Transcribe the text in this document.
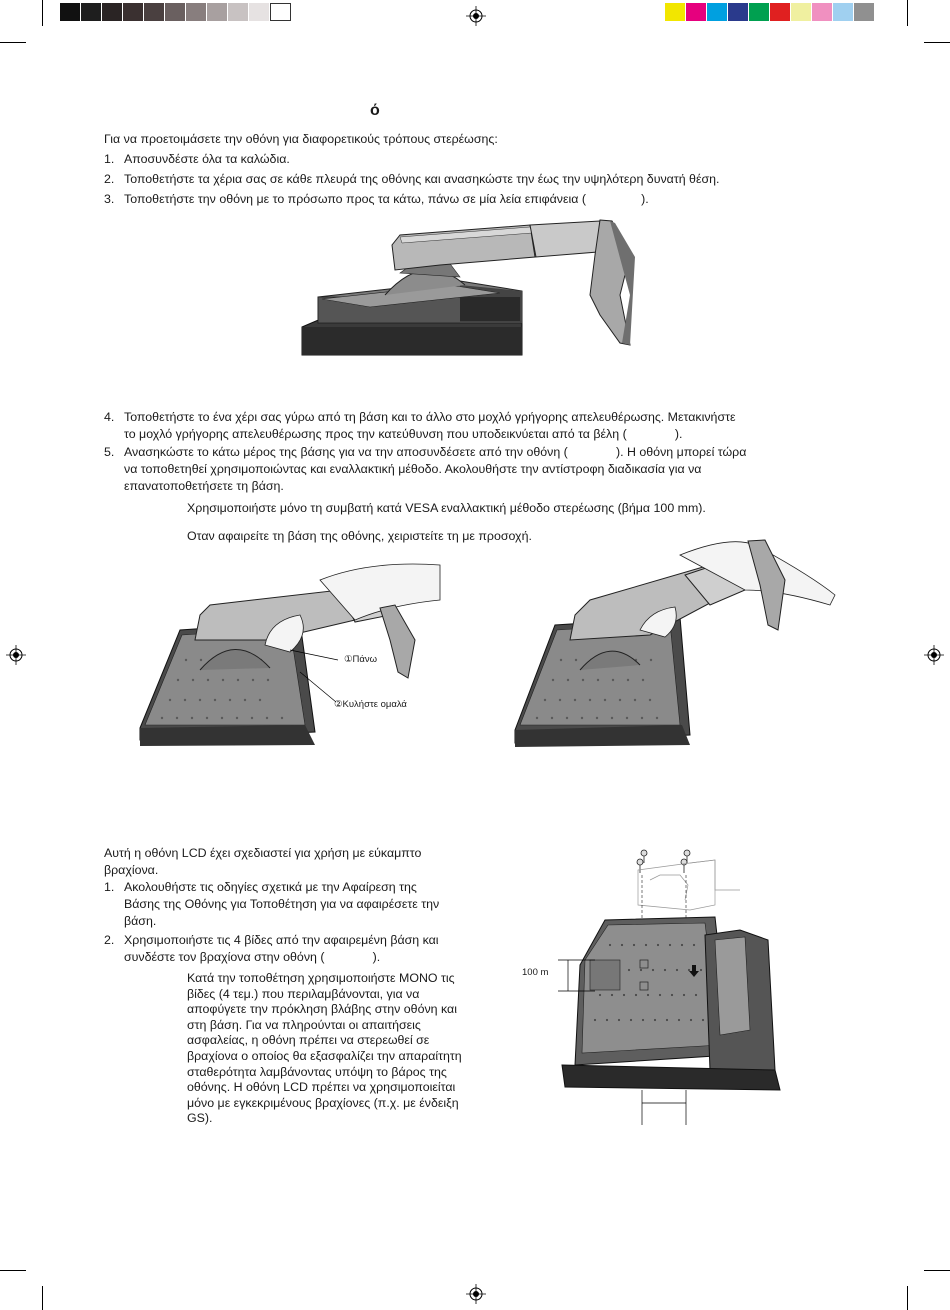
ό
Για να προετοιμάσετε την οθόνη για διαφορετικούς τρόπους στερέωσης:
1. Αποσυνδέστε όλα τα καλώδια.
2. Τοποθετήστε τα χέρια σας σε κάθε πλευρά της οθόνης και ανασηκώστε την έως την υψηλότερη δυνατή θέση.
3. Τοποθετήστε την οθόνη με το πρόσωπο προς τα κάτω, πάνω σε μία λεία επιφάνεια (                ).
4. Τοποθετήστε το ένα χέρι σας γύρω από τη βάση και το άλλο στο μοχλό γρήγορης απελευθέρωσης. Μετακινήστε
το μοχλό γρήγορης απελευθέρωσης προς την κατεύθυνση που υποδεικνύεται από τα βέλη (              ).
5. Ανασηκώστε το κάτω μέρος της βάσης για να την αποσυνδέσετε από την οθόνη (              ). Η οθόνη μπορεί τώρα
να τοποθετηθεί χρησιμοποιώντας και εναλλακτική μέθοδο. Ακολουθήστε την αντίστροφη διαδικασία για να
επανατοποθετήσετε τη βάση.
Χρησιμοποιήστε μόνο τη συμβατή κατά VESA εναλλακτική μέθοδο στερέωσης (βήμα 100 mm).
Οταν αφαιρείτε τη βάση της οθόνης, χειριστείτε τη με προσοχή.
①Πάνω
②Κυλήστε ομαλά
Αυτή η οθόνη LCD έχει σχεδιαστεί για χρήση με εύκαμπτο
βραχίονα.
1. Ακολουθήστε τις οδηγίες σχετικά με την Αφαίρεση της
Βάσης της Οθόνης για Τοποθέτηση για να αφαιρέσετε την
βάση.
2. Χρησιμοποιήστε τις 4 βίδες από την αφαιρεμένη βάση και
συνδέστε τον βραχίονα στην οθόνη (              ).
Κατά την τοποθέτηση χρησιμοποιήστε ΜΟΝΟ τις
βίδες (4 τεμ.) που περιλαμβάνονται, για να
αποφύγετε την πρόκληση βλάβης στην οθόνη και
στη βάση. Για να πληρούνται οι απαιτήσεις
ασφαλείας, η οθόνη πρέπει να στερεωθεί σε
βραχίονα ο οποίος θα εξασφαλίζει την απαραίτητη
σταθερότητα λαμβάνοντας υπόψη το βάρος της
οθόνης. Η οθόνη LCD πρέπει να χρησιμοποιείται
μόνο με εγκεκριμένους βραχίονες (π.χ. με ένδειξη
GS).
100 m
